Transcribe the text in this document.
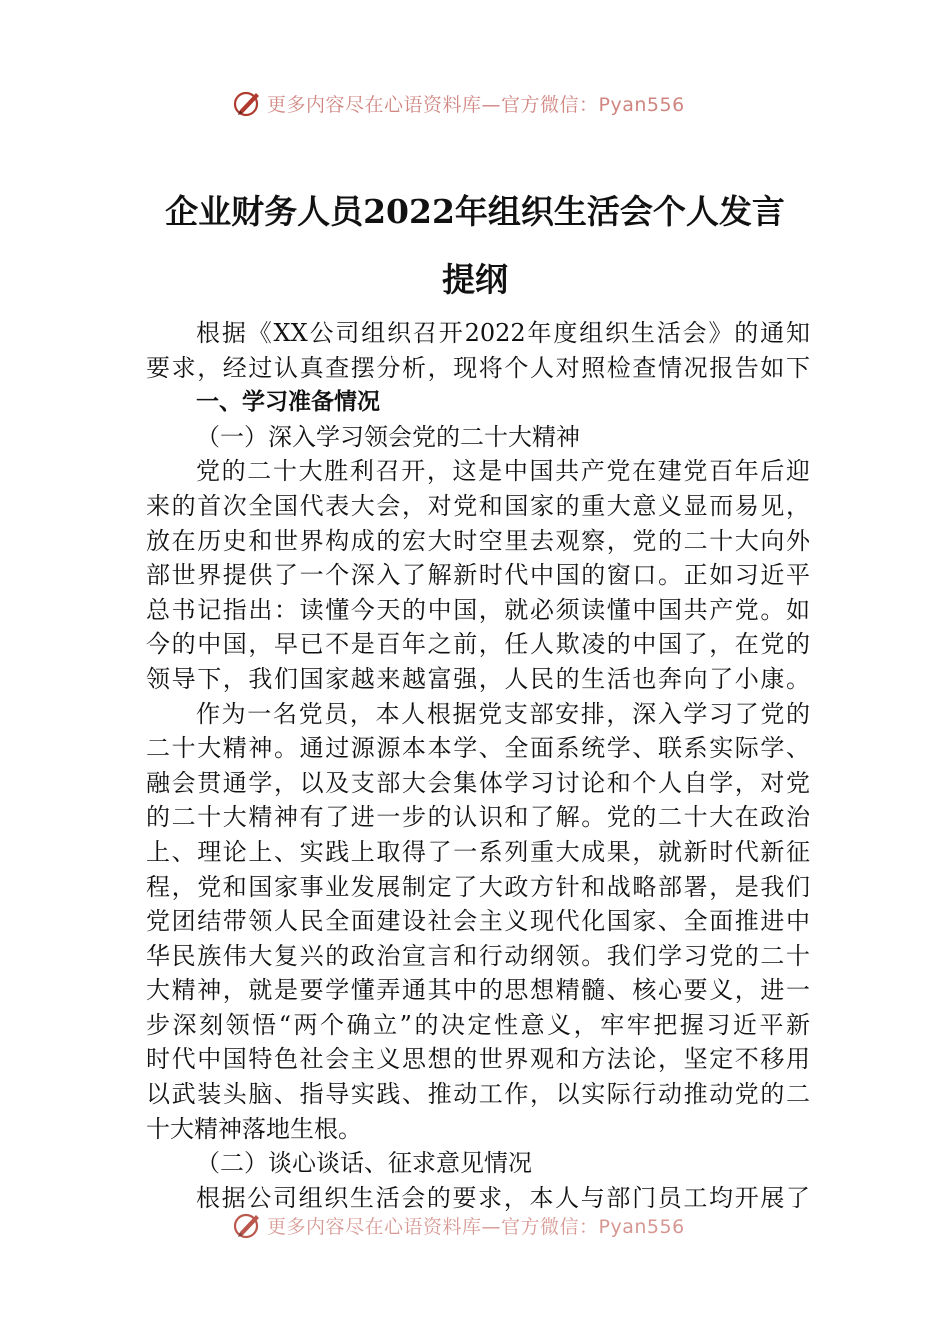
更多内容尽在心语资料库—官方微信：Pyan556
企业财务人员2022年组织生活会个人发言
提纲
根据《XX公司组织召开2022年度组织生活会》的通知
要求，经过认真查摆分析，现将个人对照检查情况报告如下
一、学习准备情况
（一）深入学习领会党的二十大精神
党的二十大胜利召开，这是中国共产党在建党百年后迎
来的首次全国代表大会，对党和国家的重大意义显而易见，
放在历史和世界构成的宏大时空里去观察，党的二十大向外
部世界提供了一个深入了解新时代中国的窗口。正如习近平
总书记指出：读懂今天的中国，就必须读懂中国共产党。如
今的中国，早已不是百年之前，任人欺凌的中国了，在党的
领导下，我们国家越来越富强，人民的生活也奔向了小康。
作为一名党员，本人根据党支部安排，深入学习了党的
二十大精神。通过源源本本学、全面系统学、联系实际学、
融会贯通学，以及支部大会集体学习讨论和个人自学，对党
的二十大精神有了进一步的认识和了解。党的二十大在政治
上、理论上、实践上取得了一系列重大成果，就新时代新征
程，党和国家事业发展制定了大政方针和战略部署，是我们
党团结带领人民全面建设社会主义现代化国家、全面推进中
华民族伟大复兴的政治宣言和行动纲领。我们学习党的二十
大精神，就是要学懂弄通其中的思想精髓、核心要义，进一
步深刻领悟“两个确立”的决定性意义，牢牢把握习近平新
时代中国特色社会主义思想的世界观和方法论，坚定不移用
以武装头脑、指导实践、推动工作，以实际行动推动党的二
十大精神落地生根。
（二）谈心谈话、征求意见情况
根据公司组织生活会的要求，本人与部门员工均开展了
更多内容尽在心语资料库—官方微信：Pyan556
